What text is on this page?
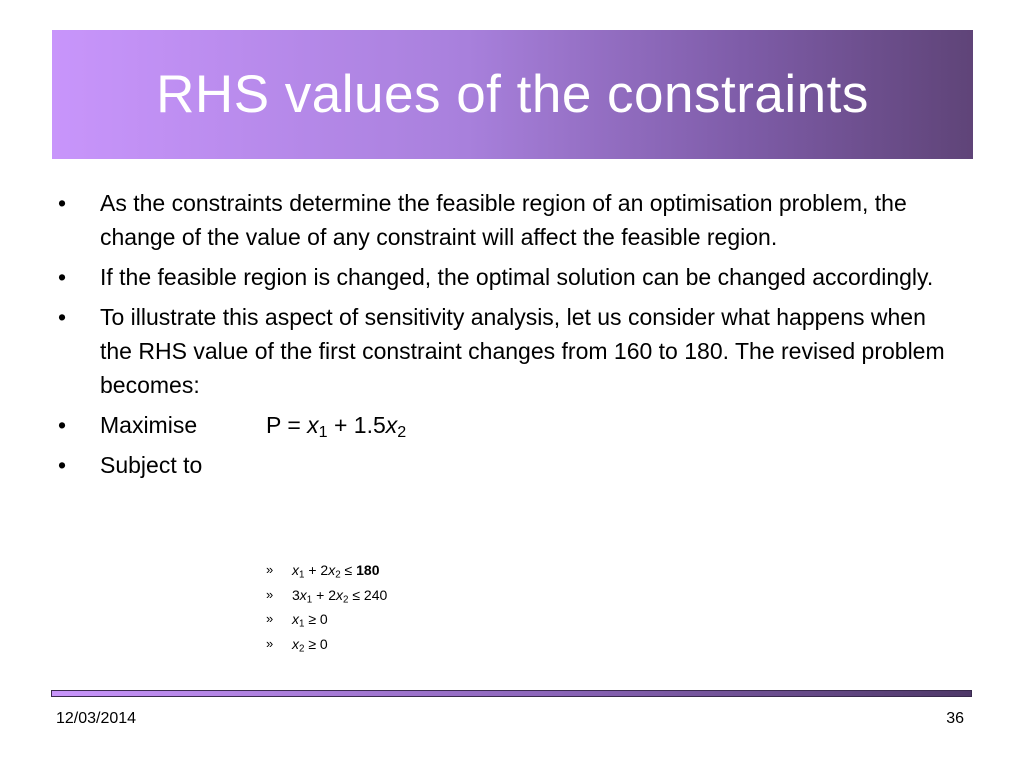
RHS values of the constraints
• As the constraints determine the feasible region of an optimisation problem, the change of the value of any constraint will affect the feasible region.
• If the feasible region is changed, the optimal solution can be changed accordingly.
• To illustrate this aspect of sensitivity analysis, let us consider what happens when the RHS value of the first constraint changes from 160 to 180. The revised problem becomes:
• Maximise	$P = x_1 + 1.5x_2$
• Subject to
» $x_1 + 2x_2 \le 180$
» $3x_1 + 2x_2 \le 240$
» $x_1 \ge 0$
» $x_2 \ge 0$
12/03/2014	36
